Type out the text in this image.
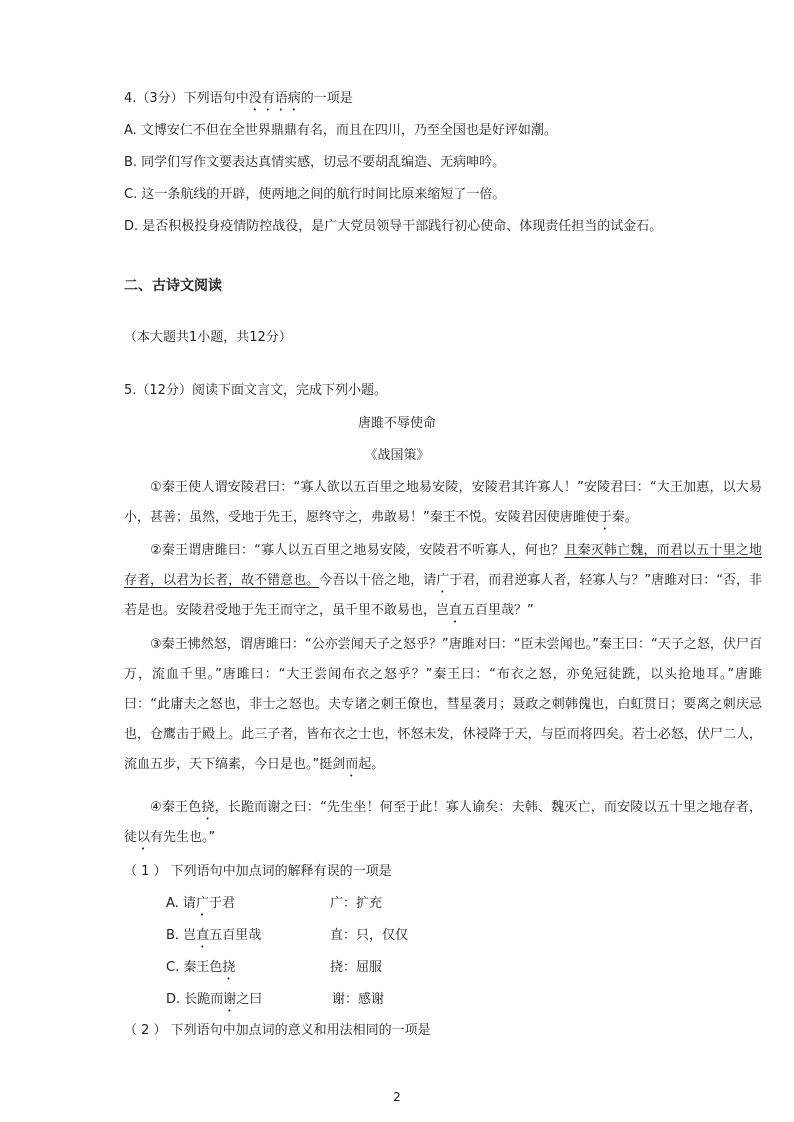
4.（3分）下列语句中没有语病的一项是
A. 文博安仁不但在全世界鼎鼎有名，而且在四川，乃至全国也是好评如潮。
B. 同学们写作文要表达真情实感，切忌不要胡乱编造、无病呻吟。
C. 这一条航线的开辟，使两地之间的航行时间比原来缩短了一倍。
D. 是否积极投身疫情防控战役，是广大党员领导干部践行初心使命、体现责任担当的试金石。
二、古诗文阅读
（本大题共1小题，共12分）
5.（12分）阅读下面文言文，完成下列小题。
唐雎不辱使命
《战国策》
①秦王使人谓安陵君曰：“寡人欲以五百里之地易安陵，安陵君其许寡人！”安陵君曰：“大王加惠，以大易小，甚善；虽然，受地于先王，愿终守之，弗敢易！”秦王不悦。安陵君因使唐雎使于秦。
②秦王谓唐雎曰：“寡人以五百里之地易安陵，安陵君不听寡人，何也？且秦灭韩亡魏，而君以五十里之地存者，以君为长者，故不错意也。今吾以十倍之地，请广于君，而君逆寡人者，轻寡人与？”唐雎对曰：“否，非若是也。安陵君受地于先王而守之，虽千里不敢易也，岂直五百里哉？”
③秦王怫然怒，谓唐雎曰：“公亦尝闻天子之怒乎？”唐雎对曰：“臣未尝闻也。”秦王曰：“天子之怒，伏尸百万，流血千里。”唐雎曰：“大王尝闻布衣之怒乎？”秦王曰：“布衣之怒，亦免冠徒跣，以头抢地耳。”唐雎曰：“此庸夫之怒也，非士之怒也。夫专诸之刺王僚也，彗星袭月；聂政之刺韩傀也，白虹贯日；要离之刺庆忌也，仓鹰击于殿上。此三子者，皆布衣之士也，怀怒未发，休祲降于天，与臣而将四矣。若士必怒，伏尸二人，流血五步，天下缟素，今日是也。”挺剑而起。
④秦王色挠，长跪而谢之曰：“先生坐！何至于此！寡人谕矣：夫韩、魏灭亡，而安陵以五十里之地存者，徒以有先生也。”
（ 1 ） 下列语句中加点词的解释有误的一项是
A. 请广于君	广：扩充
B. 岂直五百里哉	直：只，仅仅
C. 秦王色挠	挠：屈服
D. 长跪而谢之曰	谢：感谢
（ 2 ） 下列语句中加点词的意义和用法相同的一项是
2
